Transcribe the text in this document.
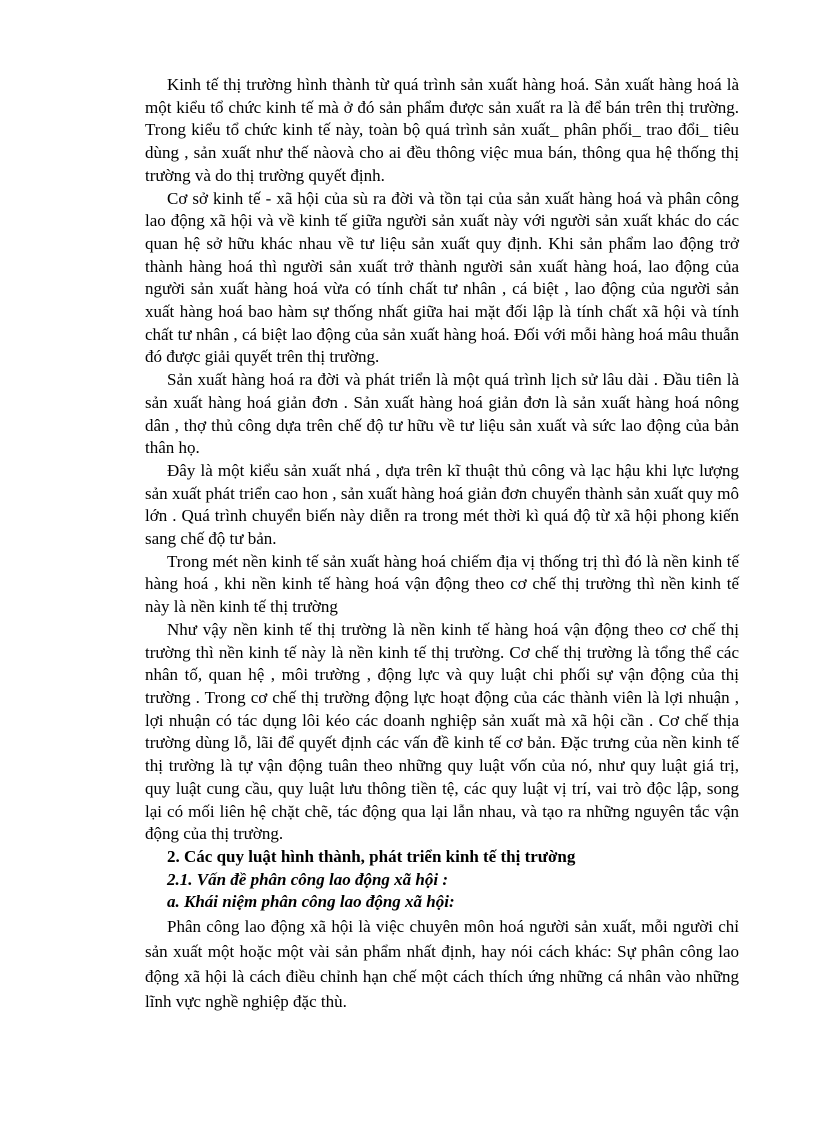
Kinh tế thị trường hình thành từ quá trình sản xuất hàng hoá. Sản xuất hàng hoá là một kiểu tổ chức kinh tế mà ở đó sản phẩm được sản xuất ra là để bán trên thị trường. Trong kiểu tổ chức kinh tế này, toàn bộ quá trình sản xuất_ phân phối_ trao đổi_ tiêu dùng , sản xuất như thế nàovà cho ai đều thông việc mua bán, thông qua hệ thống thị trường và do thị trường quyết định.

Cơ sở kinh tế - xã hội của sù ra đời và tồn tại của sản xuất hàng hoá và phân công lao động xã hội và về kinh tế giữa người sản xuất này với người sản xuất khác do các quan hệ sở hữu khác nhau về tư liệu sản xuất quy định. Khi sản phẩm lao động trở thành hàng hoá thì người sản xuất trở thành người sản xuất hàng hoá, lao động của người sản xuất hàng hoá vừa có tính chất tư nhân , cá biệt , lao động của người sản xuất hàng hoá bao hàm sự thống nhất giữa hai mặt đối lập là tính chất xã hội và tính chất tư nhân , cá biệt lao động của sản xuất hàng hoá. Đối với mỗi hàng hoá mâu thuẫn đó được giải quyết trên thị trường.

Sản xuất hàng hoá ra đời và phát triển là một quá trình lịch sử lâu dài . Đầu tiên là sản xuất hàng hoá giản đơn . Sản xuất hàng hoá giản đơn là sản xuất hàng hoá nông dân , thợ thủ công dựa trên chế độ tư hữu về tư liệu sản xuất và sức lao động của bản thân họ.

Đây là một kiểu sản xuất nhá , dựa trên kĩ thuật thủ công và lạc hậu khi lực lượng sản xuất phát triển cao hon , sản xuất hàng hoá giản đơn chuyển thành sản xuất quy mô lớn . Quá trình chuyển biến này diễn ra trong mét thời kì quá độ từ xã hội phong kiến sang chế độ tư bản.

Trong mét nền kinh tế sản xuất hàng hoá chiếm địa vị thống trị thì đó là nền kinh tế hàng hoá , khi nền kinh tế hàng hoá vận động theo cơ chế thị trường thì nền kinh tế này là nền kinh tế thị trường

Như vậy nền kinh tế thị trường là nền kinh tế hàng hoá vận động theo cơ chế thị trường thì nền kinh tế này là nền kinh tế thị trường. Cơ chế thị trường là tổng thể các nhân tố, quan hệ , môi trường , động lực và quy luật chi phối sự vận động của thị trường . Trong cơ chế thị trường động lực hoạt động của các thành viên là lợi nhuận , lợi nhuận có tác dụng lôi kéo các doanh nghiệp sản xuất mà xã hội cần . Cơ chế thịa trường dùng lỗ, lãi để quyết định các vấn đề kinh tế cơ bản. Đặc trưng của nền kinh tế thị trường là tự vận động tuân theo những quy luật vốn của nó, như quy luật giá trị, quy luật cung cầu, quy luật lưu thông tiền tệ, các quy luật vị trí, vai trò độc lập, song lại có mối liên hệ chặt chẽ, tác động qua lại lẫn nhau, và tạo ra những nguyên tắc vận động của thị trường.

2. Các quy luật hình thành, phát triển kinh tế thị trường

2.1. Vấn đề phân công lao động xã hội :

a. Khái niệm phân công lao động xã hội:

Phân công lao động xã hội là việc chuyên môn hoá người sản xuất, mỗi người chỉ sản xuất một hoặc một vài sản phẩm nhất định, hay nói cách khác: Sự phân công lao động xã hội là cách điều chỉnh hạn chế một cách thích ứng những cá nhân vào những lĩnh vực nghề nghiệp đặc thù.
